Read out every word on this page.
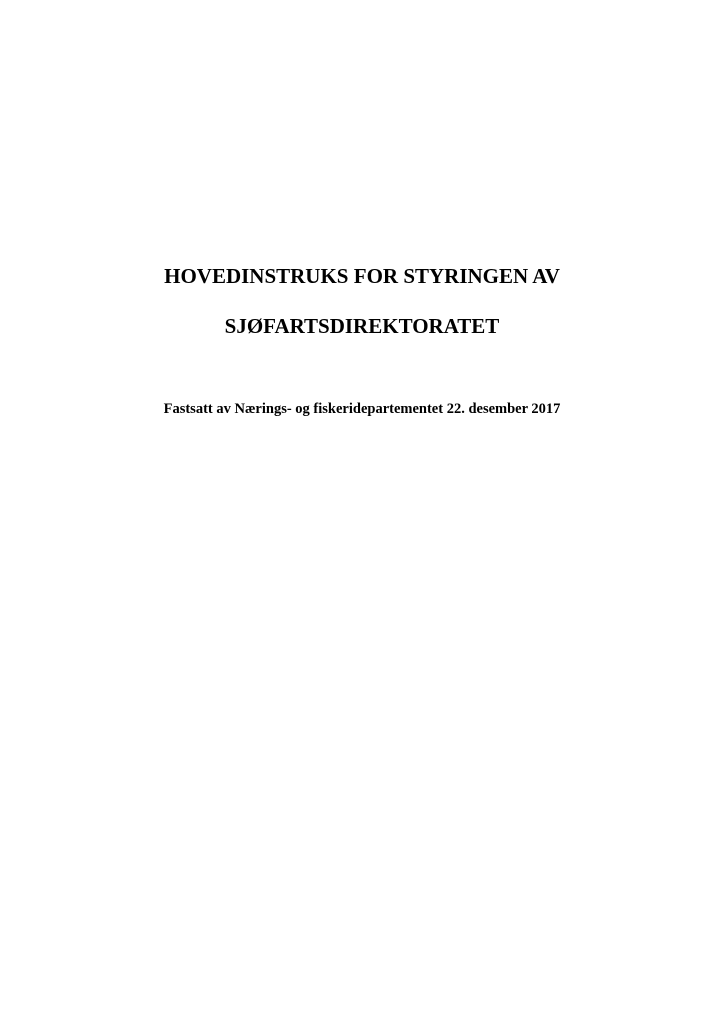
HOVEDINSTRUKS FOR STYRINGEN AV
SJØFARTSDIREKTORATET
Fastsatt av Nærings- og fiskeridepartementet 22. desember 2017
